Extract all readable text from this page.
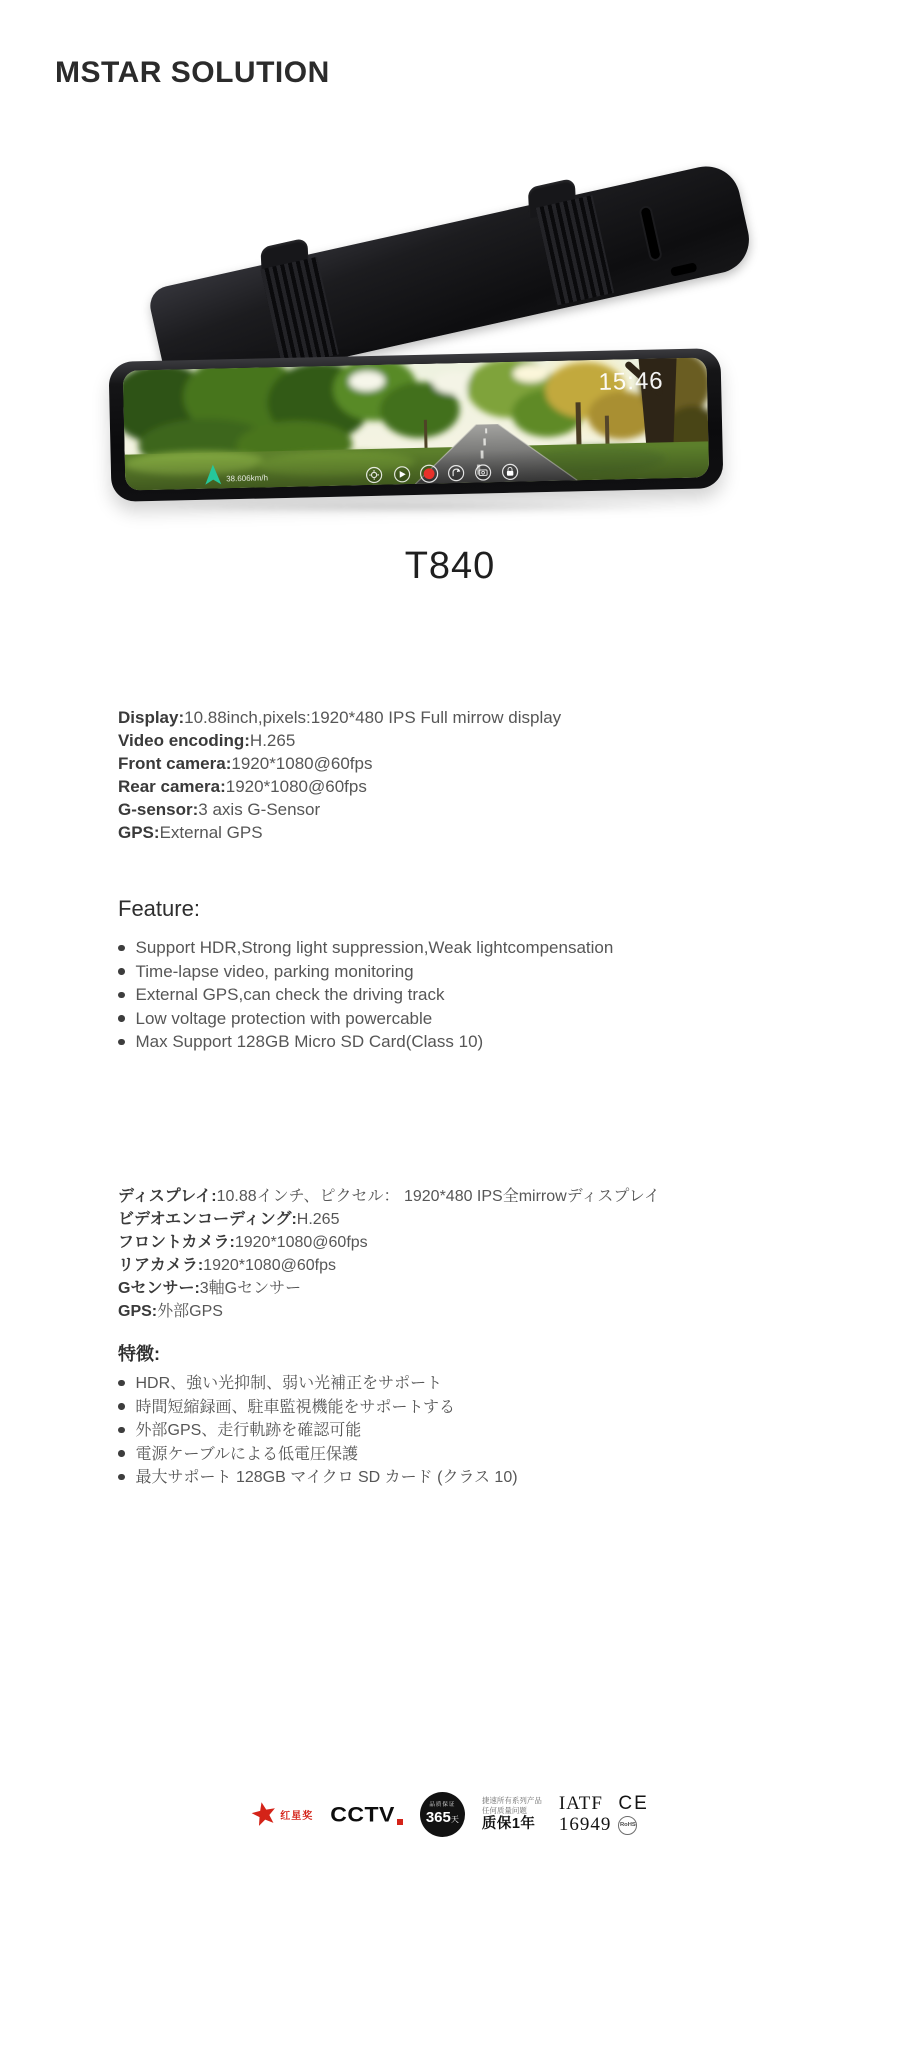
MSTAR SOLUTION
15:46
38.606km/h
T840
Display:10.88inch,pixels:1920*480 IPS Full mirrow display
Video encoding:H.265
Front camera:1920*1080@60fps
Rear camera:1920*1080@60fps
G-sensor:3 axis G-Sensor
GPS:External GPS
Feature:
Support HDR,Strong light suppression,Weak lightcompensation
Time-lapse video, parking monitoring
External GPS,can check the driving track
Low voltage protection with powercable
Max Support 128GB Micro SD Card(Class 10)
ディスプレイ:10.88インチ、ピクセル： 1920*480 IPS全mirrowディスプレイ
ビデオエンコーディング:H.265
フロントカメラ:1920*1080@60fps
リアカメラ:1920*1080@60fps
Gセンサー:3軸Gセンサー
GPS:外部GPS
特徴:
HDR、強い光抑制、弱い光補正をサポート
時間短縮録画、駐車監視機能をサポートする
外部GPS、走行軌跡を確認可能
電源ケーブルによる低電圧保護
最大サポート 128GB マイクロ SD カード (クラス 10)
红星奖 CCTV	品质保证
365天
捷速所有系列产品
任何质量问题
质保1年
IATF CE
16949 RoHS
